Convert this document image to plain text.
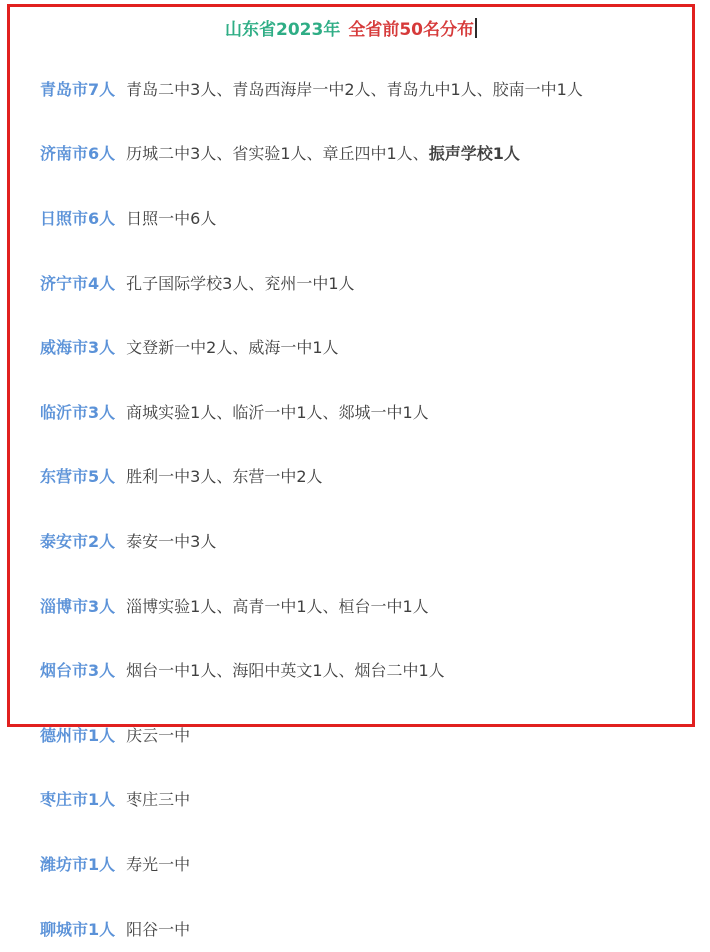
山东省2023年 全省前50名分布

青岛市7人 青岛二中3人、青岛西海岸一中2人、青岛九中1人、胶南一中1人

济南市6人 历城二中3人、省实验1人、章丘四中1人、 振声学校1人

日照市6人 日照一中6人

济宁市4人 孔子国际学校3人、兖州一中1人

威海市3人 文登新一中2人、威海一中1人

临沂市3人 商城实验1人、临沂一中1人、郯城一中1人

东营市5人 胜利一中3人、东营一中2人

泰安市2人 泰安一中3人

淄博市3人 淄博实验1人、高青一中1人、桓台一中1人

烟台市3人 烟台一中1人、海阳中英文1人、烟台二中1人

德州市1人 庆云一中

枣庄市1人 枣庄三中

潍坊市1人 寿光一中

聊城市1人 阳谷一中
